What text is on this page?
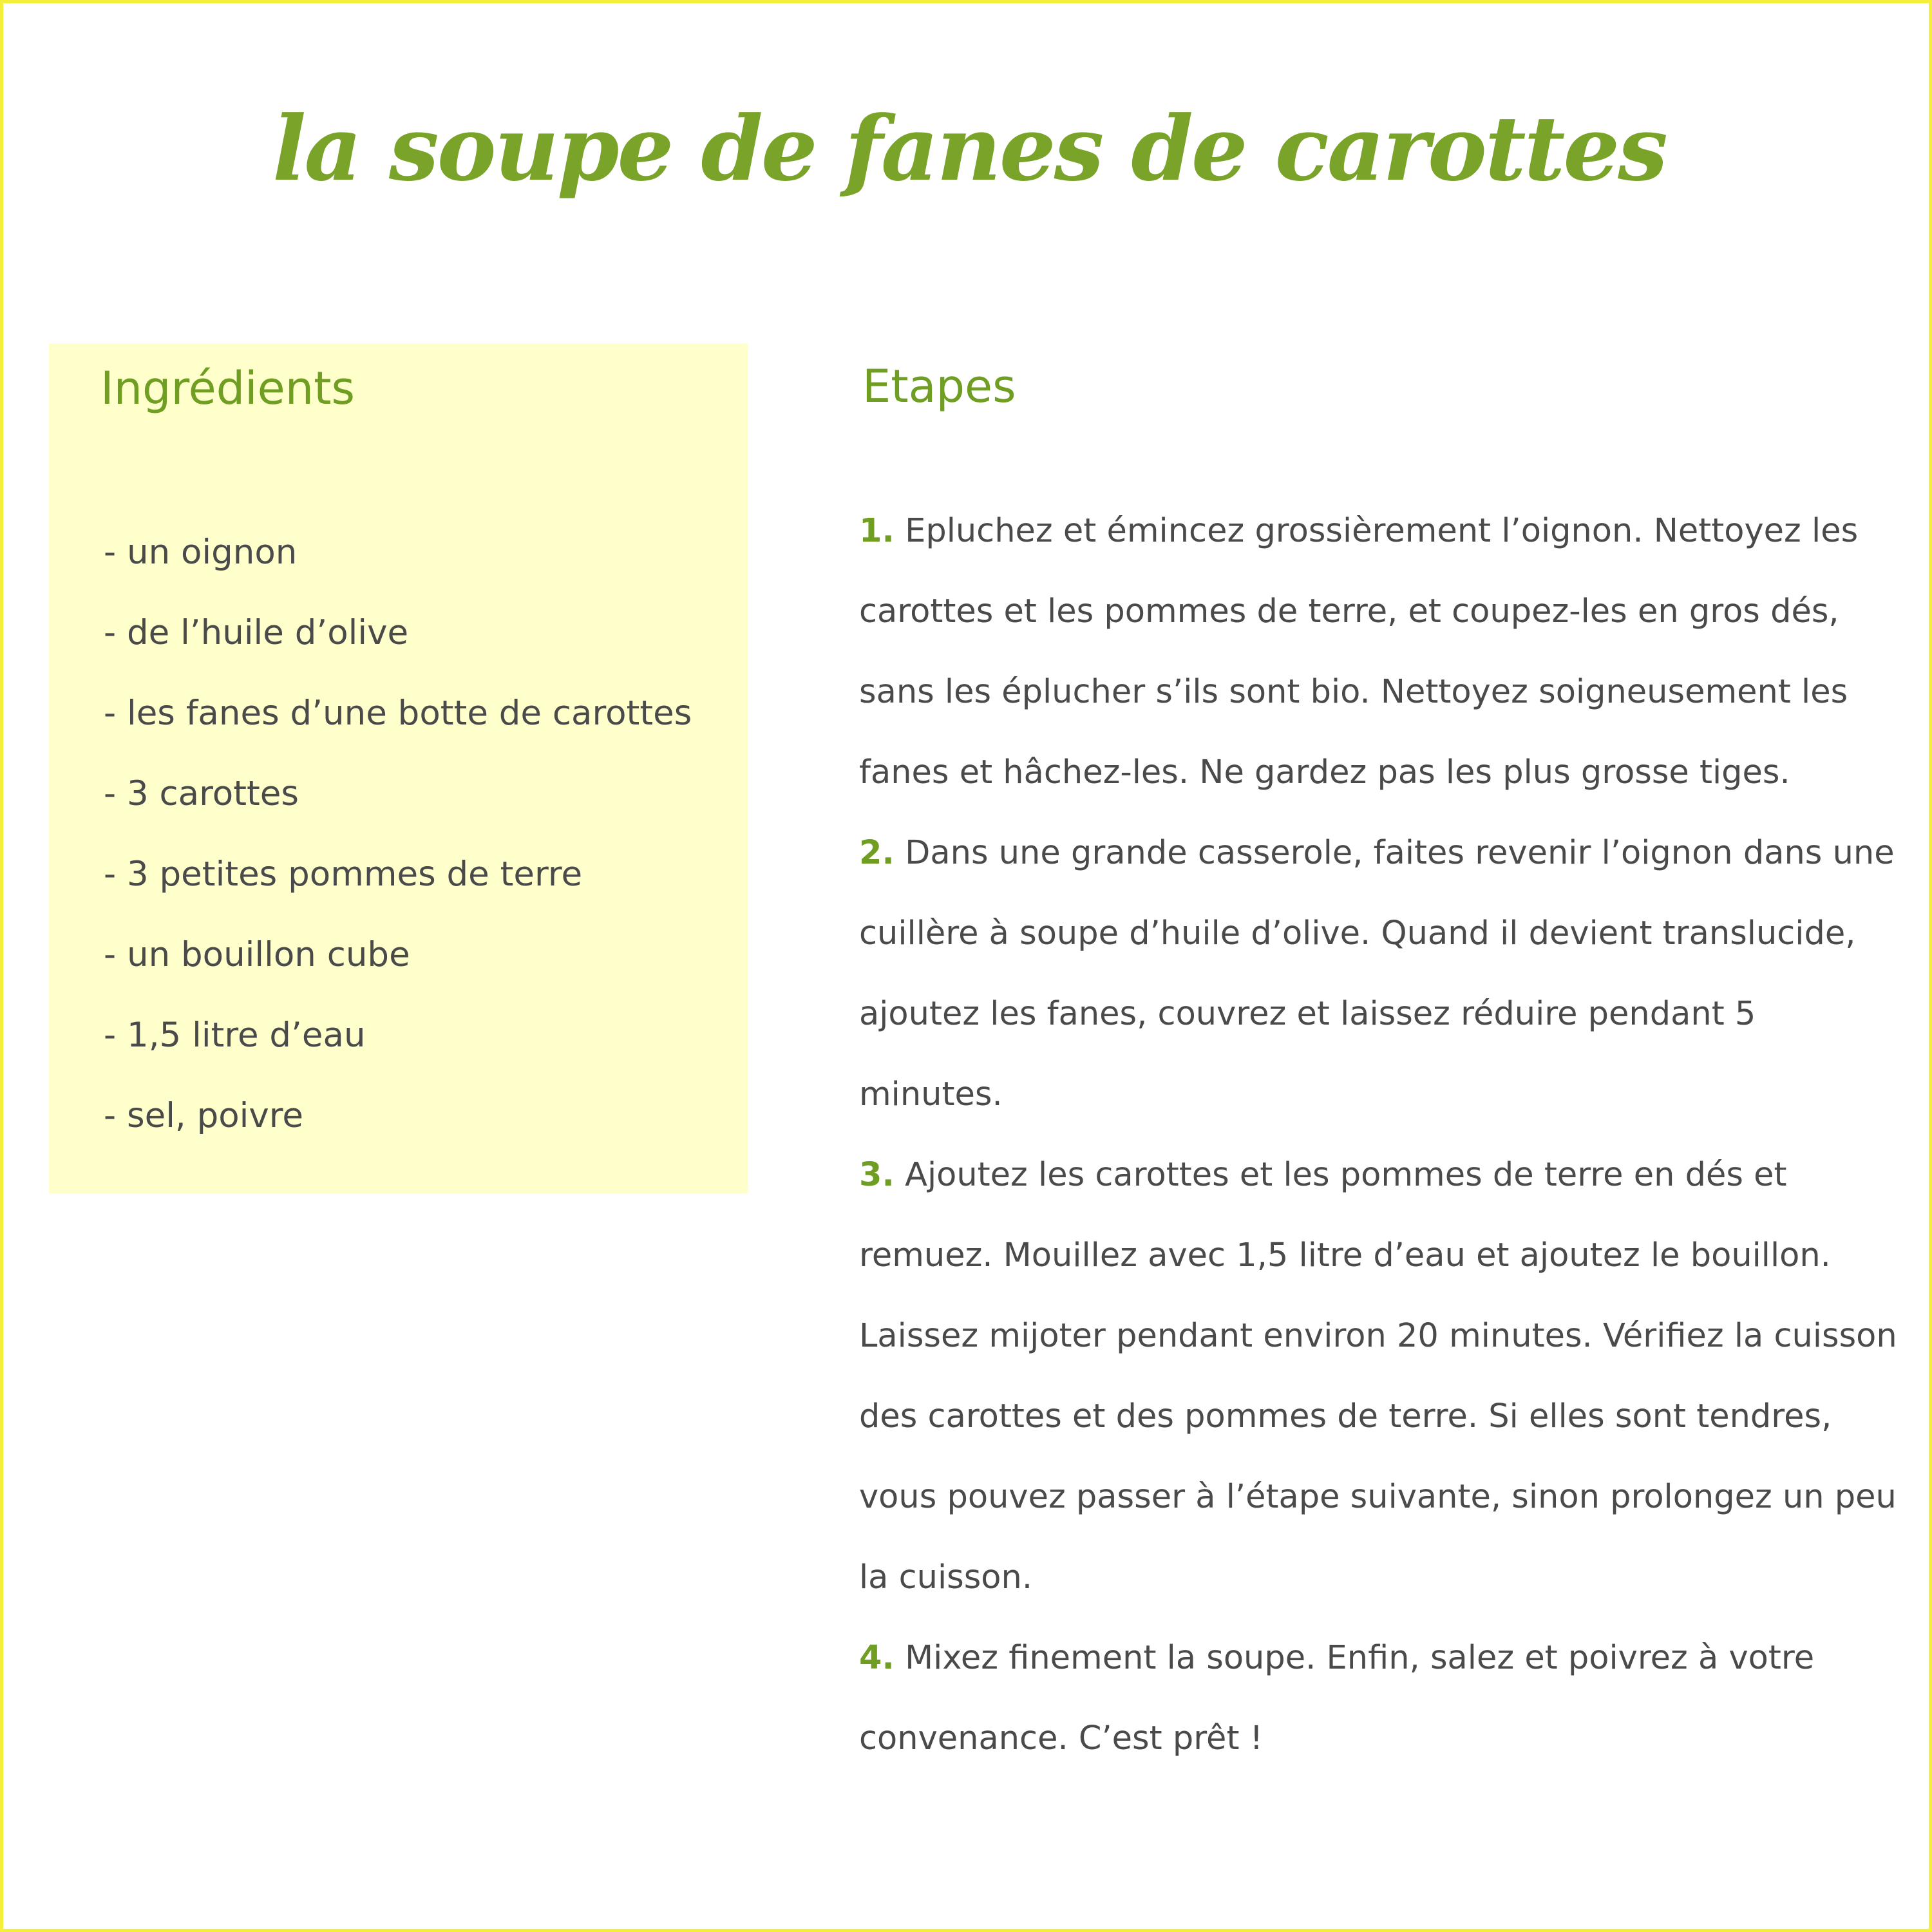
la soupe de fanes de carottes
Ingrédients
- un oignon
- de l’huile d’olive
- les fanes d’une botte de carottes
- 3 carottes
- 3 petites pommes de terre
- un bouillon cube
- 1,5 litre d’eau
- sel, poivre
Etapes

1. Epluchez et émincez grossièrement l’oignon. Nettoyez les carottes et les pommes de terre, et coupez-les en gros dés, sans les éplucher s’ils sont bio. Nettoyez soigneusement les fanes et hâchez-les. Ne gardez pas les plus grosse tiges.

2. Dans une grande casserole, faites revenir l’oignon dans une cuillère à soupe d’huile d’olive. Quand il devient translucide, ajoutez les fanes, couvrez et laissez réduire pendant 5 minutes.

3. Ajoutez les carottes et les pommes de terre en dés et remuez. Mouillez avec 1,5 litre d’eau et ajoutez le bouillon. Laissez mijoter pendant environ 20 minutes. Vérifiez la cuisson des carottes et des pommes de terre. Si elles sont tendres, vous pouvez passer à l’étape suivante, sinon prolongez un peu la cuisson.

4. Mixez finement la soupe. Enfin, salez et poivrez à votre convenance. C’est prêt !
